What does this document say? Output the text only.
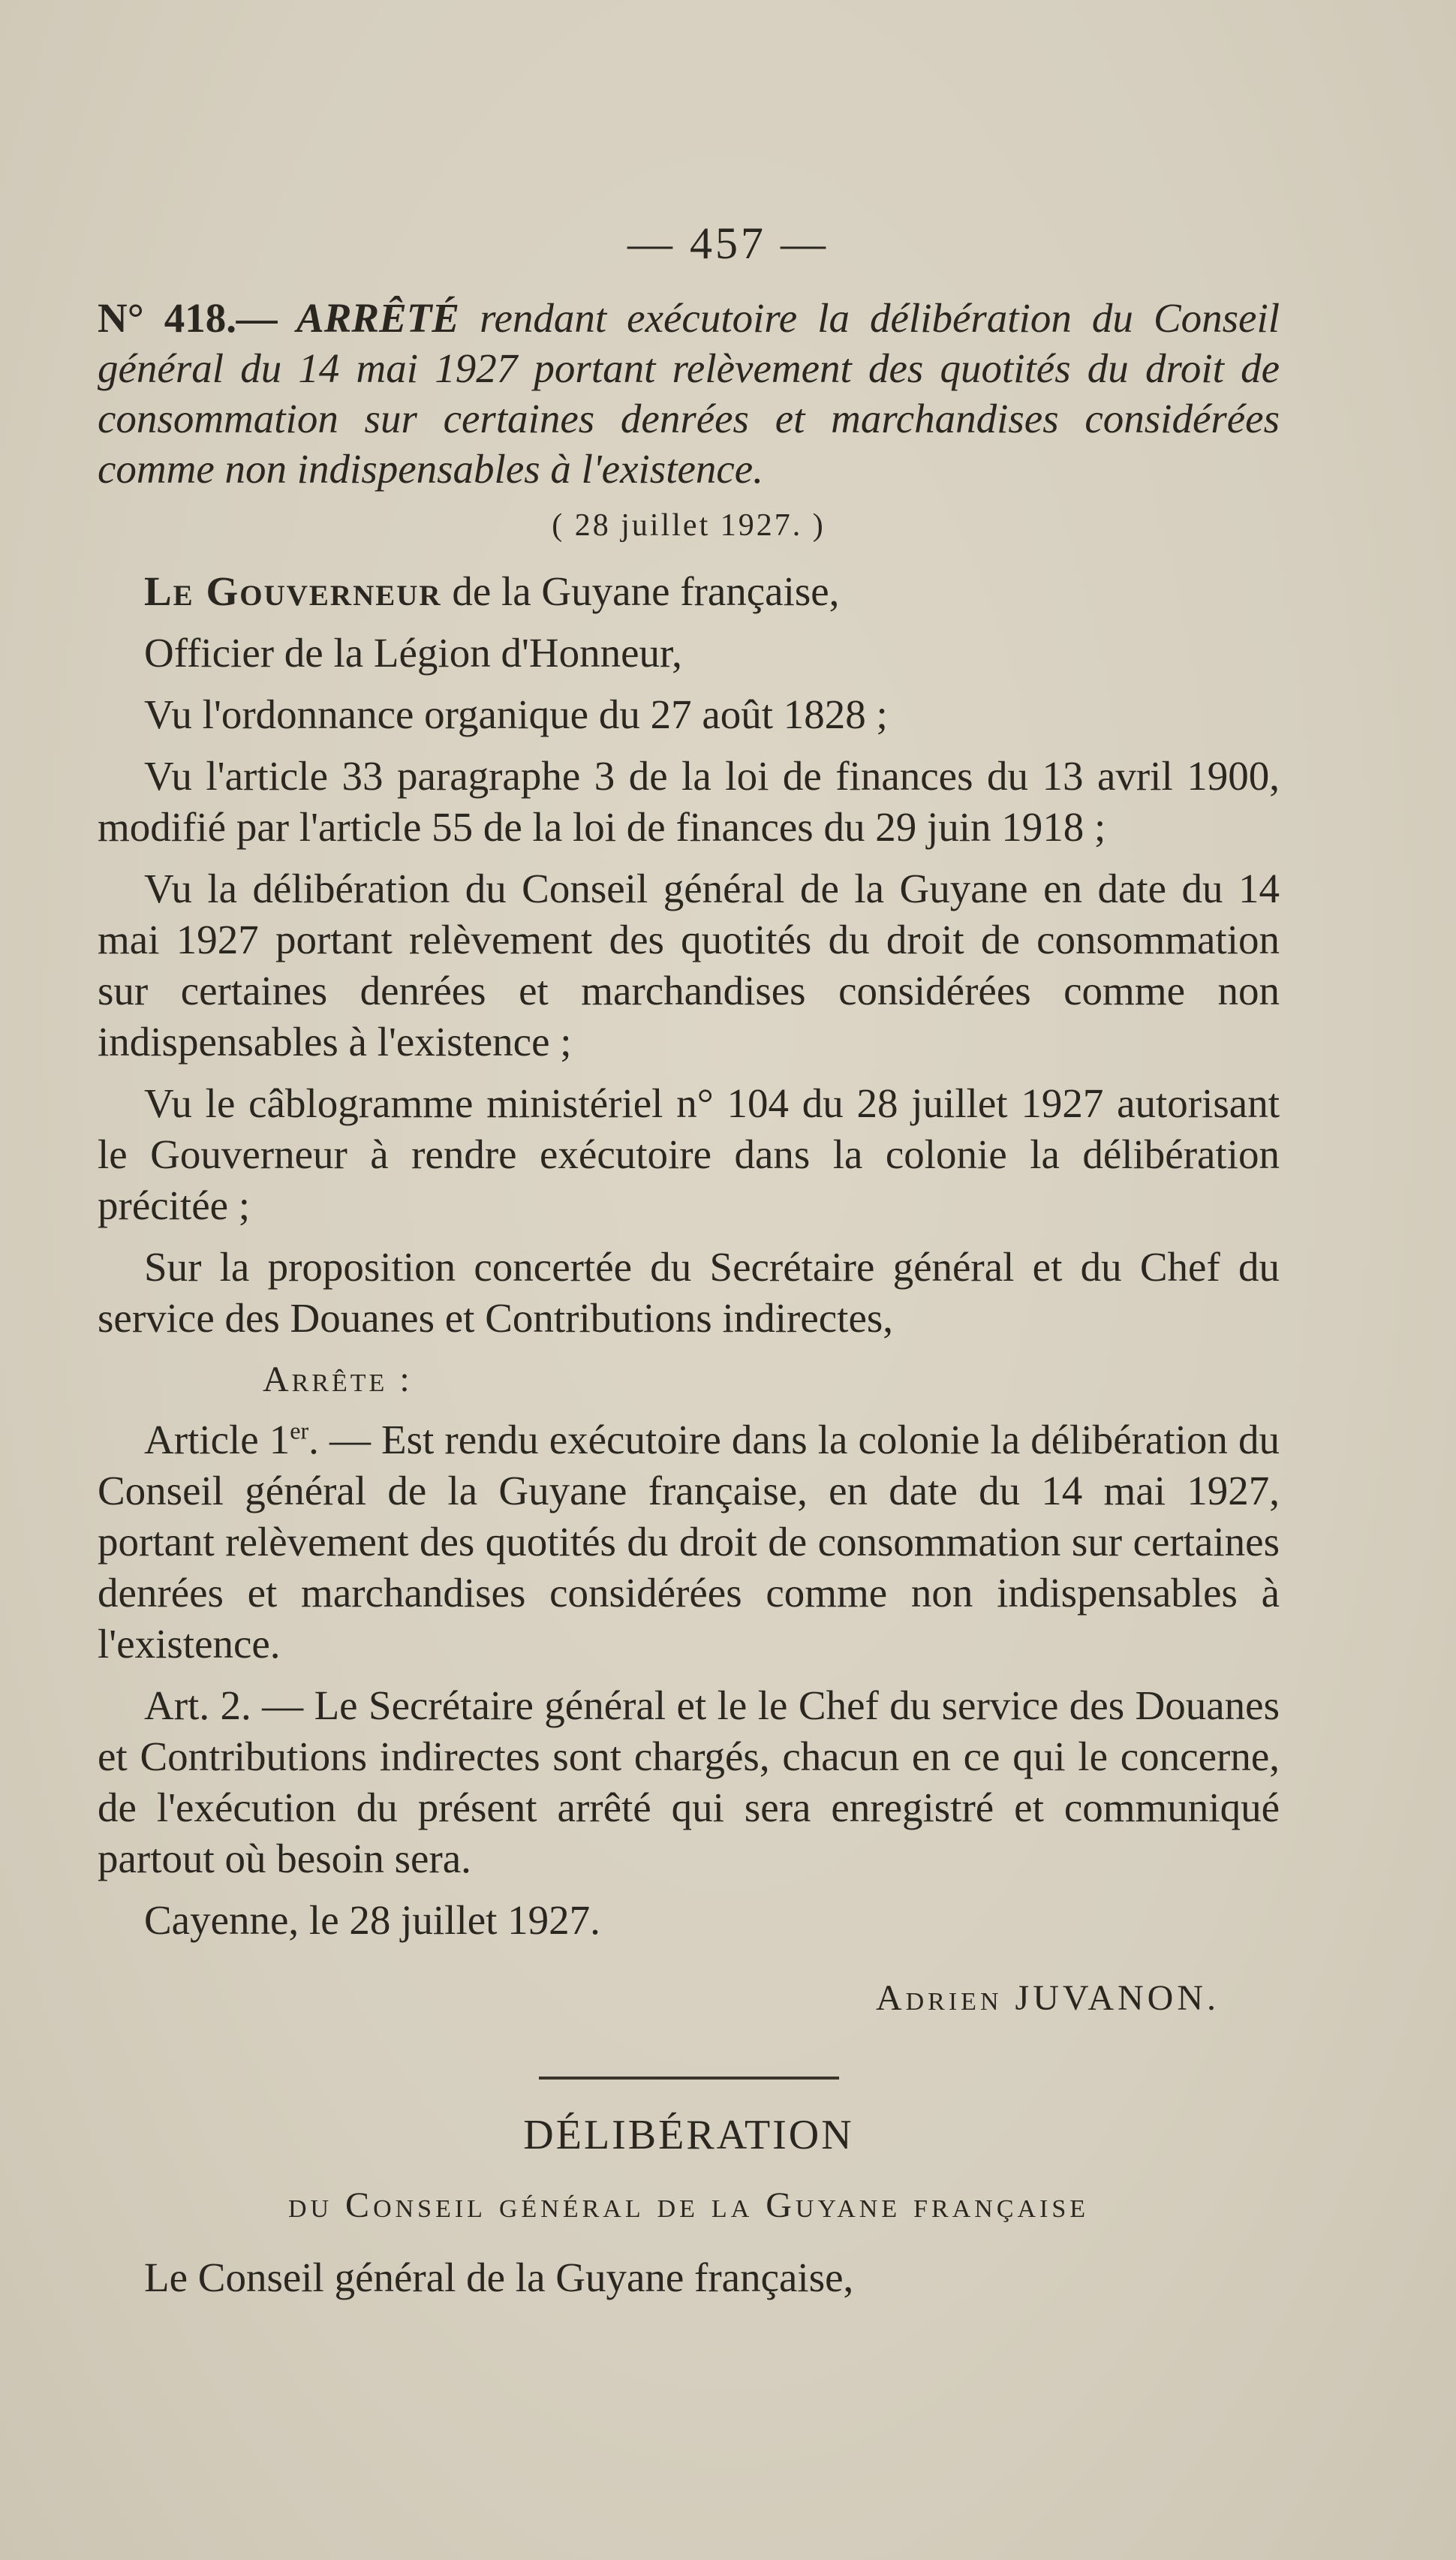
— 457 —
N° 418.— ARRÊTÉ rendant exécutoire la délibération du Conseil général du 14 mai 1927 portant relèvement des quotités du droit de consommation sur certaines denrées et marchandises considérées comme non indispensables à l'existence.
( 28 juillet 1927. )

Le Gouverneur de la Guyane française,

Officier de la Légion d'Honneur,

Vu l'ordonnance organique du 27 août 1828 ;

Vu l'article 33 paragraphe 3 de la loi de finances du 13 avril 1900, modifié par l'article 55 de la loi de finances du 29 juin 1918 ;

Vu la délibération du Conseil général de la Guyane en date du 14 mai 1927 portant relèvement des quotités du droit de consommation sur certaines denrées et marchandises considérées comme non indispensables à l'existence ;

Vu le câblogramme ministériel n° 104 du 28 juillet 1927 autorisant le Gouverneur à rendre exécutoire dans la colonie la délibération précitée ;

Sur la proposition concertée du Secrétaire général et du Chef du service des Douanes et Contributions indirectes,

Arrête :

Article 1er. — Est rendu exécutoire dans la colonie la délibération du Conseil général de la Guyane française, en date du 14 mai 1927, portant relèvement des quotités du droit de consommation sur certaines denrées et marchandises considérées comme non indispensables à l'existence.

Art. 2. — Le Secrétaire général et le le Chef du service des Douanes et Contributions indirectes sont chargés, chacun en ce qui le concerne, de l'exécution du présent arrêté qui sera enregistré et communiqué partout où besoin sera.

Cayenne, le 28 juillet 1927.

Adrien JUVANON.
DÉLIBÉRATION
du Conseil général de la Guyane française

Le Conseil général de la Guyane française,
